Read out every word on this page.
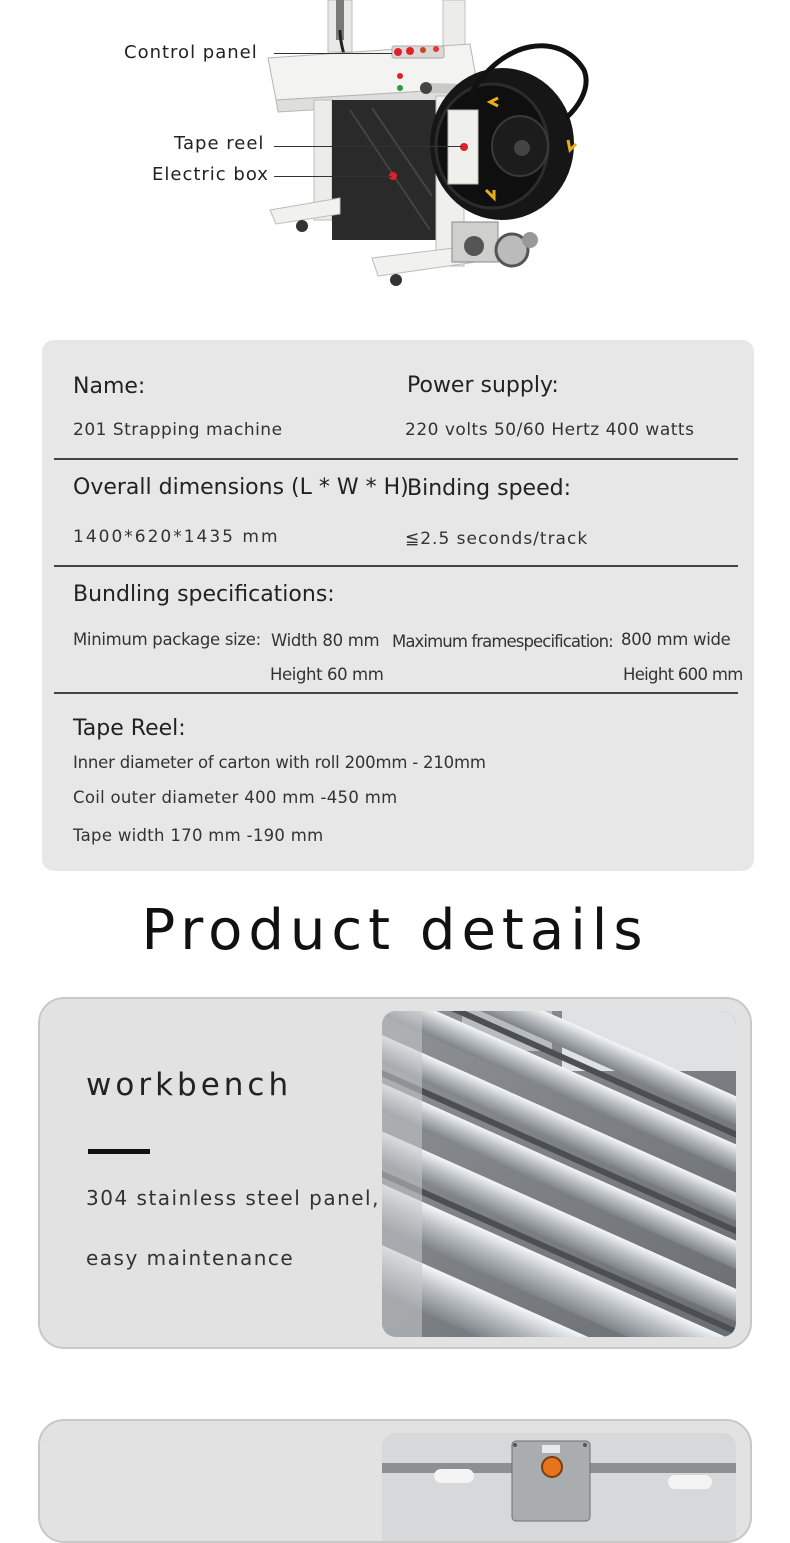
Control panel
Tape reel
Electric box
Name:
201 Strapping machine
Power supply:
220 volts 50/60 Hertz 400 watts
Overall dimensions (L * W * H)
1400*620*1435 mm
Binding speed:
≦2.5 seconds/track
Bundling specifications:
Minimum package size: Width 80 mm
Height 60 mm
Maximum framespecification: 800 mm wide
Height 600 mm
Tape Reel:
Inner diameter of carton with roll 200mm - 210mm
Coil outer diameter 400 mm -450 mm
Tape width 170 mm -190 mm
Product details
workbench
304 stainless steel panel,
easy maintenance
